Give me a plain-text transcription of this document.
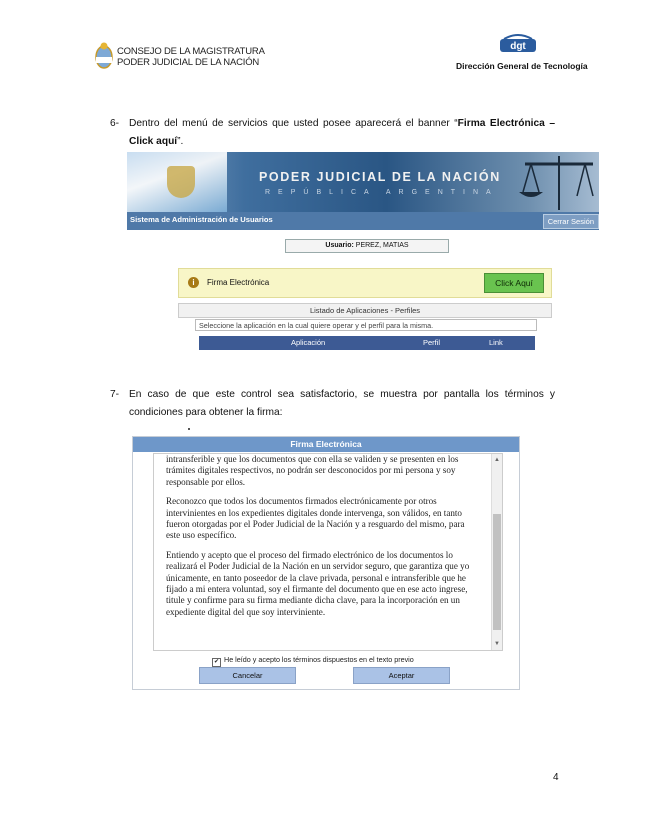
CONSEJO DE LA MAGISTRATURA
PODER JUDICIAL DE LA NACIÓN
dgt
Dirección General de Tecnología
6- Dentro del menú de servicios que usted posee aparecerá el banner “Firma Electrónica – Click aquí”.
PODER JUDICIAL DE LA NACIÓN
REPÚBLICA ARGENTINA
Sistema de Administración de Usuarios	Cerrar Sesión
Usuario: PEREZ, MATIAS
i	Firma Electrónica	Click Aquí
Listado de Aplicaciones - Perfiles
Seleccione la aplicación en la cual quiere operar y el perfil para la misma.
Aplicación	Perfil	Link
7- En caso de que este control sea satisfactorio, se muestra por pantalla los términos y condiciones para obtener la firma:
Firma Electrónica

intransferible y que los documentos que con ella se validen y se presenten en los trámites digitales respectivos, no podrán ser desconocidos por mi persona y soy responsable por ellos.

Reconozco que todos los documentos firmados electrónicamente por otros intervinientes en los expedientes digitales donde intervenga, son válidos, en tanto fueron otorgadas por el Poder Judicial de la Nación y a resguardo del mismo, para este uso específico.

Entiendo y acepto que el proceso del firmado electrónico de los documentos lo realizará el Poder Judicial de la Nación en un servidor seguro, que garantiza que yo únicamente, en tanto poseedor de la clave privada, personal e intransferible que he fijado a mi entera voluntad, soy el firmante del documento que en ese acto ingrese, titule y confirme para su firma mediante dicha clave, para la incorporación en un expediente digital del que soy interviniente.

▲
▼
✔ He leído y acepto los términos dispuestos en el texto previo
Cancelar	Aceptar
4
